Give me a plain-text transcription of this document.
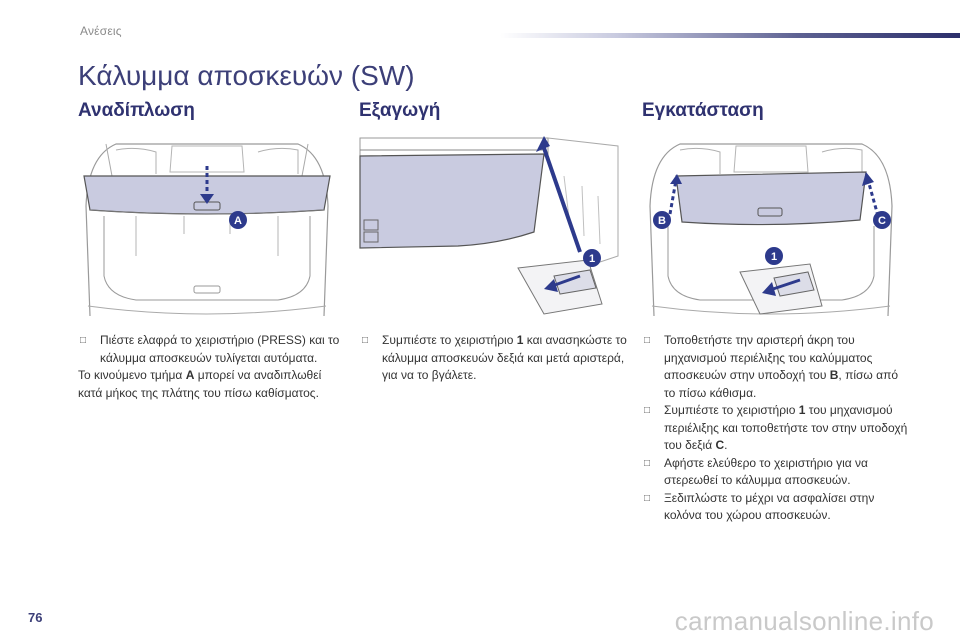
Ανέσεις
Κάλυμμα αποσκευών (SW)
Αναδίπλωση
A
□ Πιέστε ελαφρά το χειριστήριο (PRESS) και το κάλυμμα αποσκευών τυλίγεται αυτόματα.
Το κινούμενο τμήμα A μπορεί να αναδιπλωθεί κατά μήκος της πλάτης του πίσω καθίσματος.
Εξαγωγή
1
□ Συμπιέστε το χειριστήριο 1 και ανασηκώστε το κάλυμμα αποσκευών δεξιά και μετά αριστερά, για να το βγάλετε.
Εγκατάσταση
B	C
1
□ Τοποθετήστε την αριστερή άκρη του μηχανισμού περιέλιξης του καλύμματος αποσκευών στην υποδοχή του B, πίσω από το πίσω κάθισμα.
□ Συμπιέστε το χειριστήριο 1 του μηχανισμού περιέλιξης και τοποθετήστε τον στην υποδοχή του δεξιά C.
□ Αφήστε ελεύθερο το χειριστήριο για να στερεωθεί το κάλυμμα αποσκευών.
□ Ξεδιπλώστε το μέχρι να ασφαλίσει στην κολόνα του χώρου αποσκευών.
76	carmanualsonline.info
